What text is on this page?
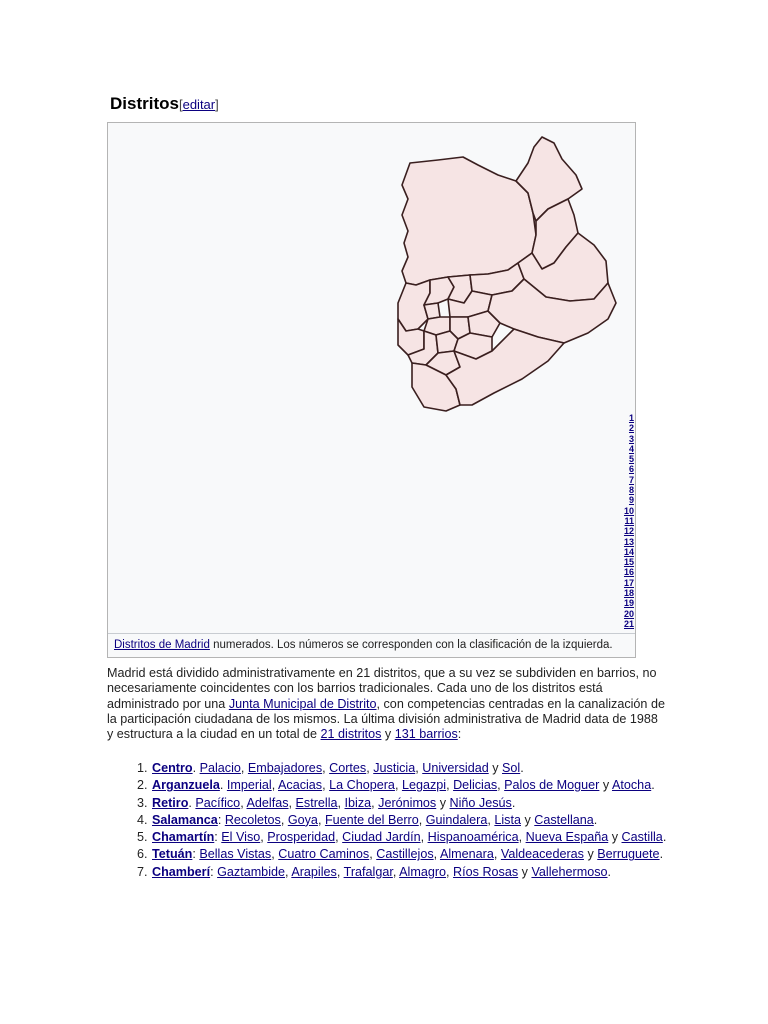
Distritos[editar]
1
2
3
4
5
6
7
8
9
10
11
12
13
14
15
16
17
18
19
20
21
Distritos de Madrid numerados. Los números se corresponden con la clasificación de la izquierda.

Madrid está dividido administrativamente en 21 distritos, que a su vez se subdividen en barrios, no necesariamente coincidentes con los barrios tradicionales. Cada uno de los distritos está administrado por una Junta Municipal de Distrito, con competencias centradas en la canalización de la participación ciudadana de los mismos. La última división administrativa de Madrid data de 1988 y estructura a la ciudad en un total de 21 distritos y 131 barrios:

1. Centro. Palacio, Embajadores, Cortes, Justicia, Universidad y Sol.
2. Arganzuela. Imperial, Acacias, La Chopera, Legazpi, Delicias, Palos de Moguer y Atocha.
3. Retiro. Pacífico, Adelfas, Estrella, Ibiza, Jerónimos y Niño Jesús.
4. Salamanca: Recoletos, Goya, Fuente del Berro, Guindalera, Lista y Castellana.
5. Chamartín: El Viso, Prosperidad, Ciudad Jardín, Hispanoamérica, Nueva España y Castilla.
6. Tetuán: Bellas Vistas, Cuatro Caminos, Castillejos, Almenara, Valdeacederas y Berruguete.
7. Chamberí: Gaztambide, Arapiles, Trafalgar, Almagro, Ríos Rosas y Vallehermoso.
